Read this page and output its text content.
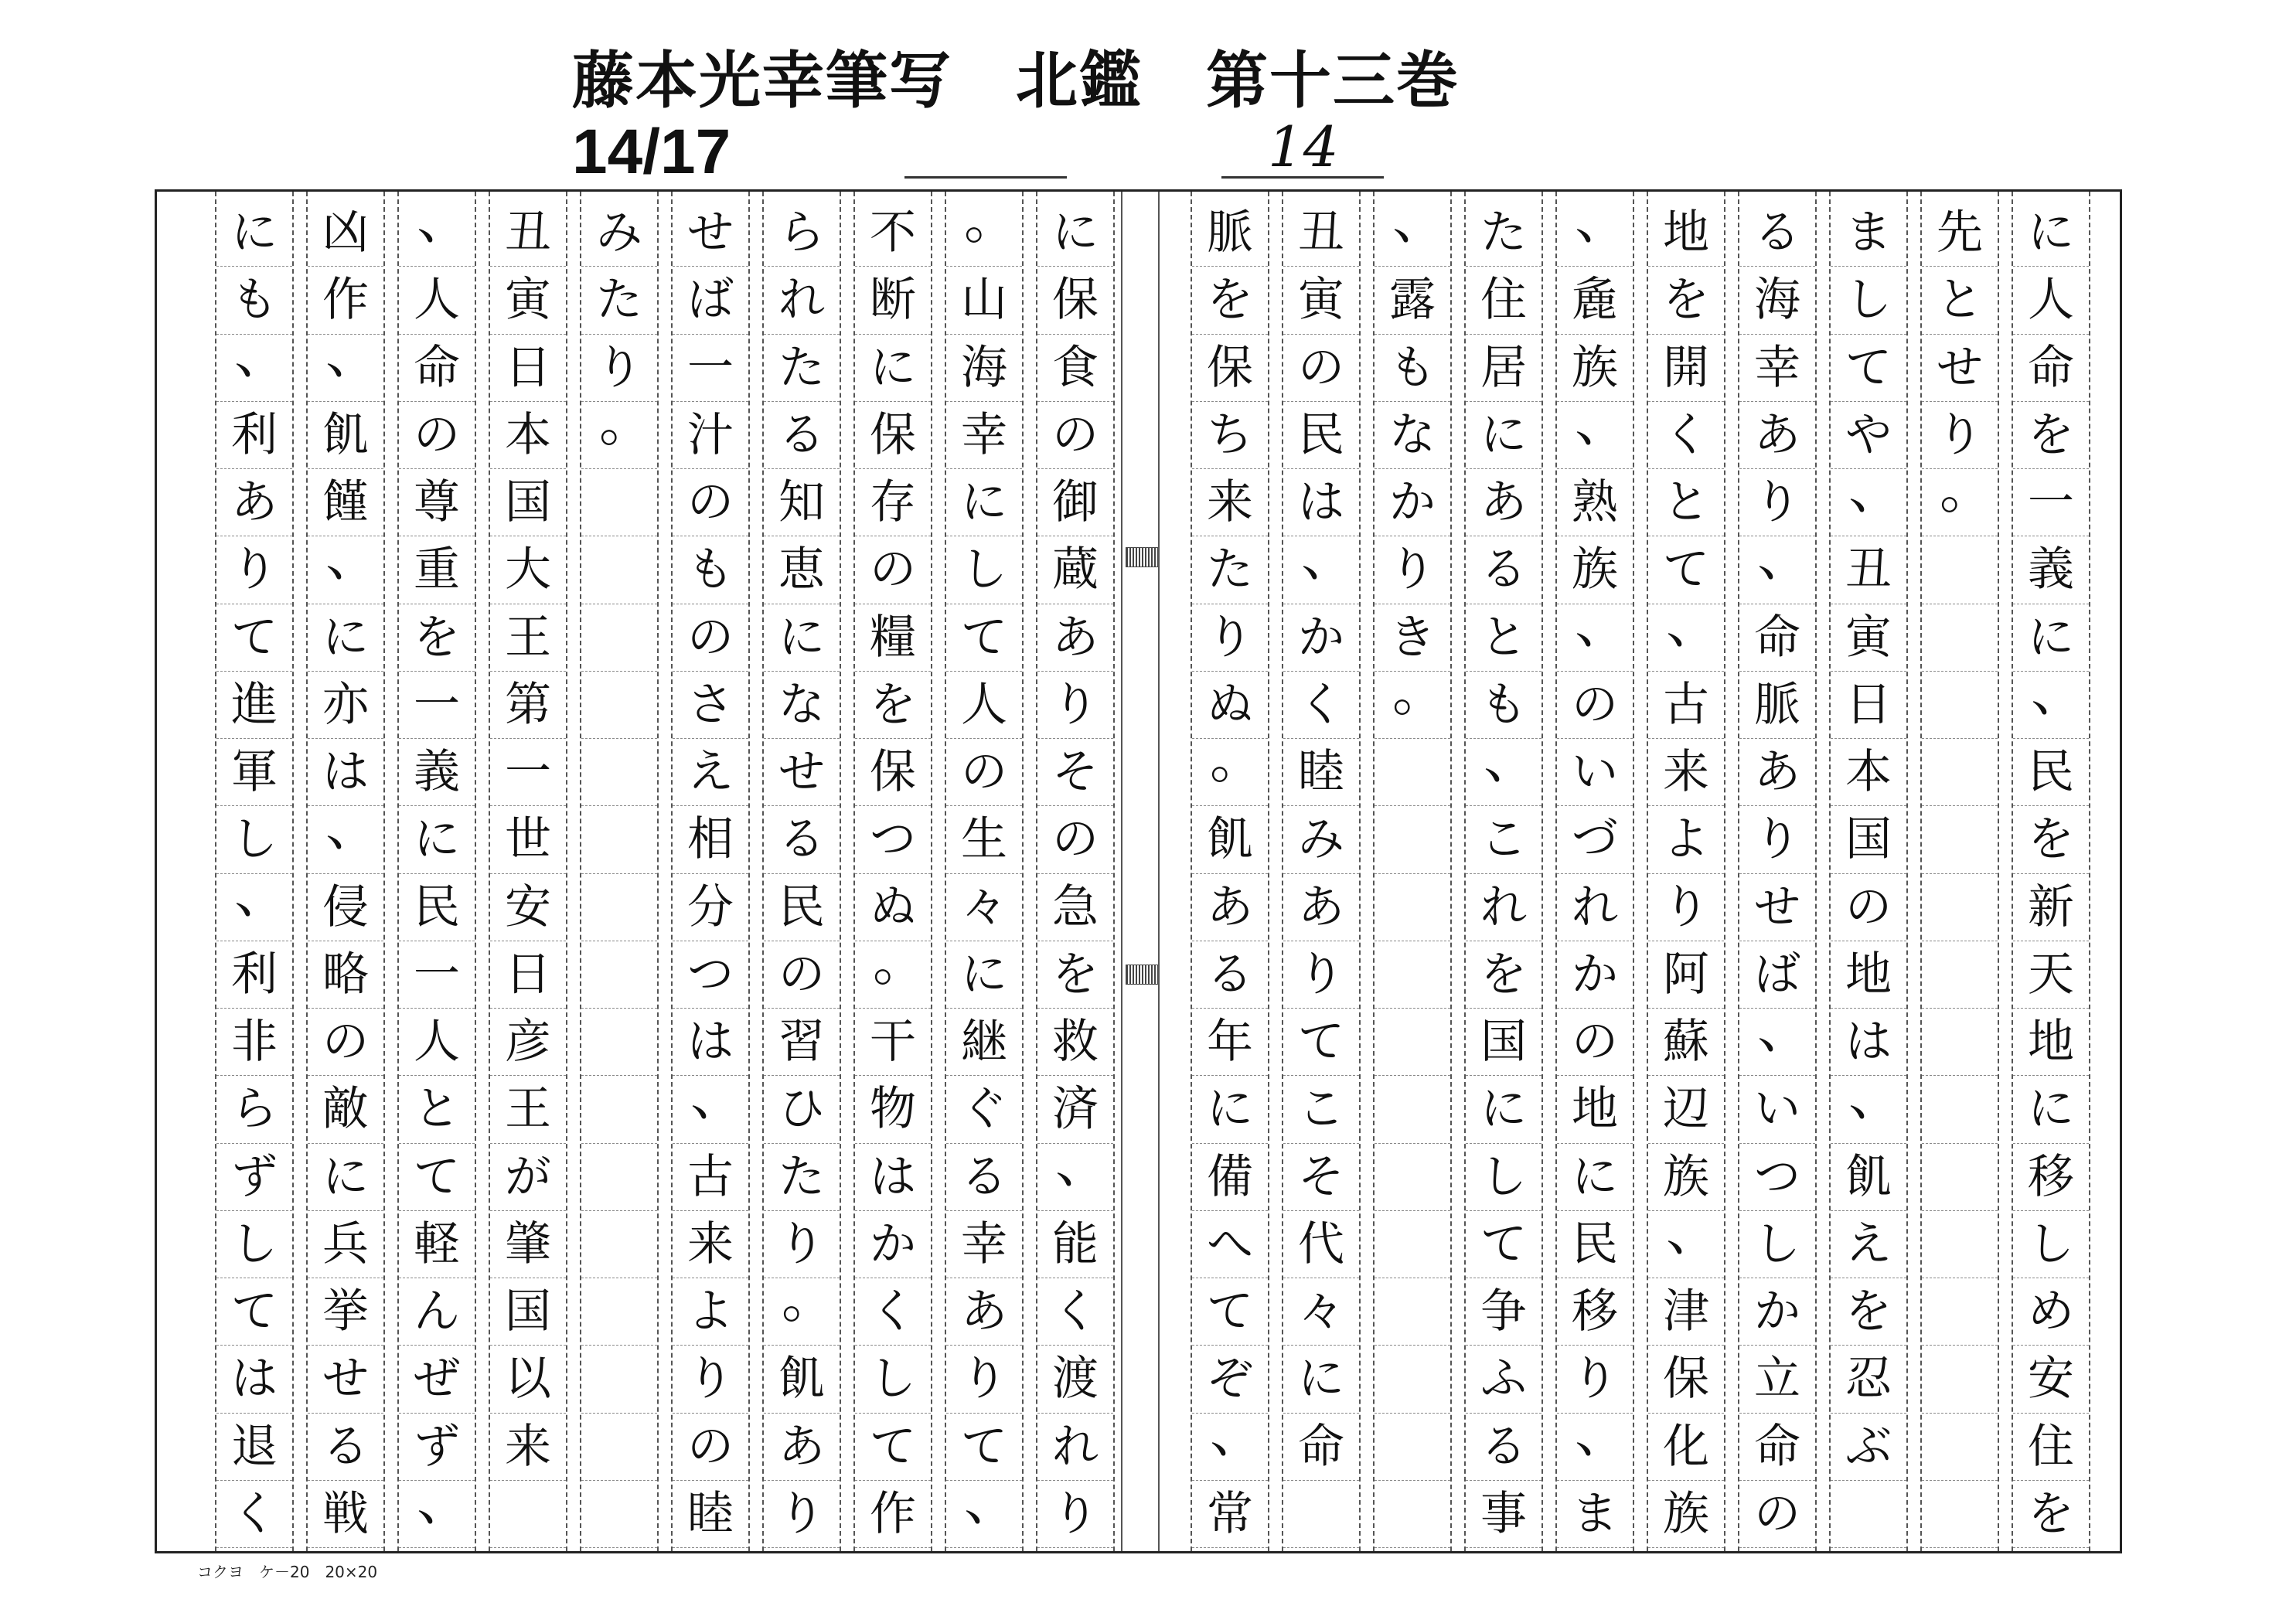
藤本光幸筆写　北鑑　第十三巻
14/17	14
に
人
命
を
一
義
に
、
民
を
新
天
地
に
移
し
め
安
住
を
先
と
せ
り
。
ま
し
て
や
、
丑
寅
日
本
国
の
地
は
、
飢
え
を
忍
ぶ
る
海
幸
あ
り
、
命
脈
あ
り
せ
ば
、
い
つ
し
か
立
命
の
地
を
開
く
と
て
、
古
来
よ
り
阿
蘇
辺
族
、
津
保
化
族
、
麁
族
、
熟
族
、
の
い
づ
れ
か
の
地
に
民
移
り
、
ま
た
住
居
に
あ
る
と
も
、
こ
れ
を
国
に
し
て
争
ふ
る
事
、
露
も
な
か
り
き
。
丑
寅
の
民
は
、
か
く
睦
み
あ
り
て
こ
そ
代
々
に
命
脈
を
保
ち
来
た
り
ぬ
。
飢
あ
る
年
に
備
へ
て
ぞ
、
常
に
保
食
の
御
蔵
あ
り
そ
の
急
を
救
済
、
能
く
渡
れ
り
。
山
海
幸
に
し
て
人
の
生
々
に
継
ぐ
る
幸
あ
り
て
、
不
断
に
保
存
の
糧
を
保
つ
ぬ
。
干
物
は
か
く
し
て
作
ら
れ
た
る
知
恵
に
な
せ
る
民
の
習
ひ
た
り
。
飢
あ
り
せ
ば
一
汁
の
も
の
さ
え
相
分
つ
は
、
古
来
よ
り
の
睦
み
た
り
。
丑
寅
日
本
国
大
王
第
一
世
安
日
彦
王
が
肇
国
以
来
、
人
命
の
尊
重
を
一
義
に
民
一
人
と
て
軽
ん
ぜ
ず
、
凶
作
、
飢
饉
、
に
亦
は
、
侵
略
の
敵
に
兵
挙
せ
る
戦
に
も
、
利
あ
り
て
進
軍
し
、
利
非
ら
ず
し
て
は
退
く
コクヨ　ケ－20　20×20
